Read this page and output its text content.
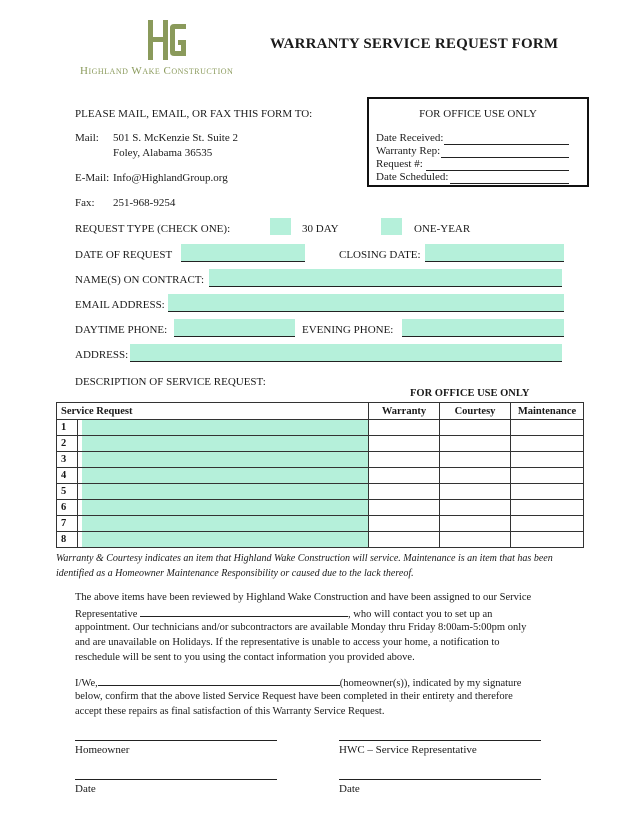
Highland Wake Construction
WARRANTY SERVICE REQUEST FORM
PLEASE MAIL, EMAIL, OR FAX THIS FORM TO:
Mail: 501 S. McKenzie St. Suite 2
Foley, Alabama 36535
E-Mail: Info@HighlandGroup.org
Fax: 251-968-9254
FOR OFFICE USE ONLY
Date Received:
Warranty Rep:
Request #:
Date Scheduled:
REQUEST TYPE (CHECK ONE):	30 DAY	ONE-YEAR
DATE OF REQUEST	CLOSING DATE:
NAME(S) ON CONTRACT:
EMAIL ADDRESS:
DAYTIME PHONE:	EVENING PHONE:
ADDRESS:
DESCRIPTION OF SERVICE REQUEST:
FOR OFFICE USE ONLY
Service Request		Warranty	Courtesy	Maintenance
1	

2	

3	

4	

5	

6	

7	

8	

Warranty & Courtesy indicates an item that Highland Wake Construction will service. Maintenance is an item that has been identified as a Homeowner Maintenance Responsibility or caused due to the lack thereof.
The above items have been reviewed by Highland Wake Construction and have been assigned to our Service
Representative	, who will contact you to set up an
appointment. Our technicians and/or subcontractors are available Monday thru Friday 8:00am-5:00pm only
and are unavailable on Holidays. If the representative is unable to access your home, a notification to
reschedule will be sent to you using the contact information you provided above.
I/We,	(homeowner(s)), indicated by my signature
below, confirm that the above listed Service Request have been completed in their entirety and therefore
accept these repairs as final satisfaction of this Warranty Service Request.
Homeowner	HWC – Service Representative
Date	Date
